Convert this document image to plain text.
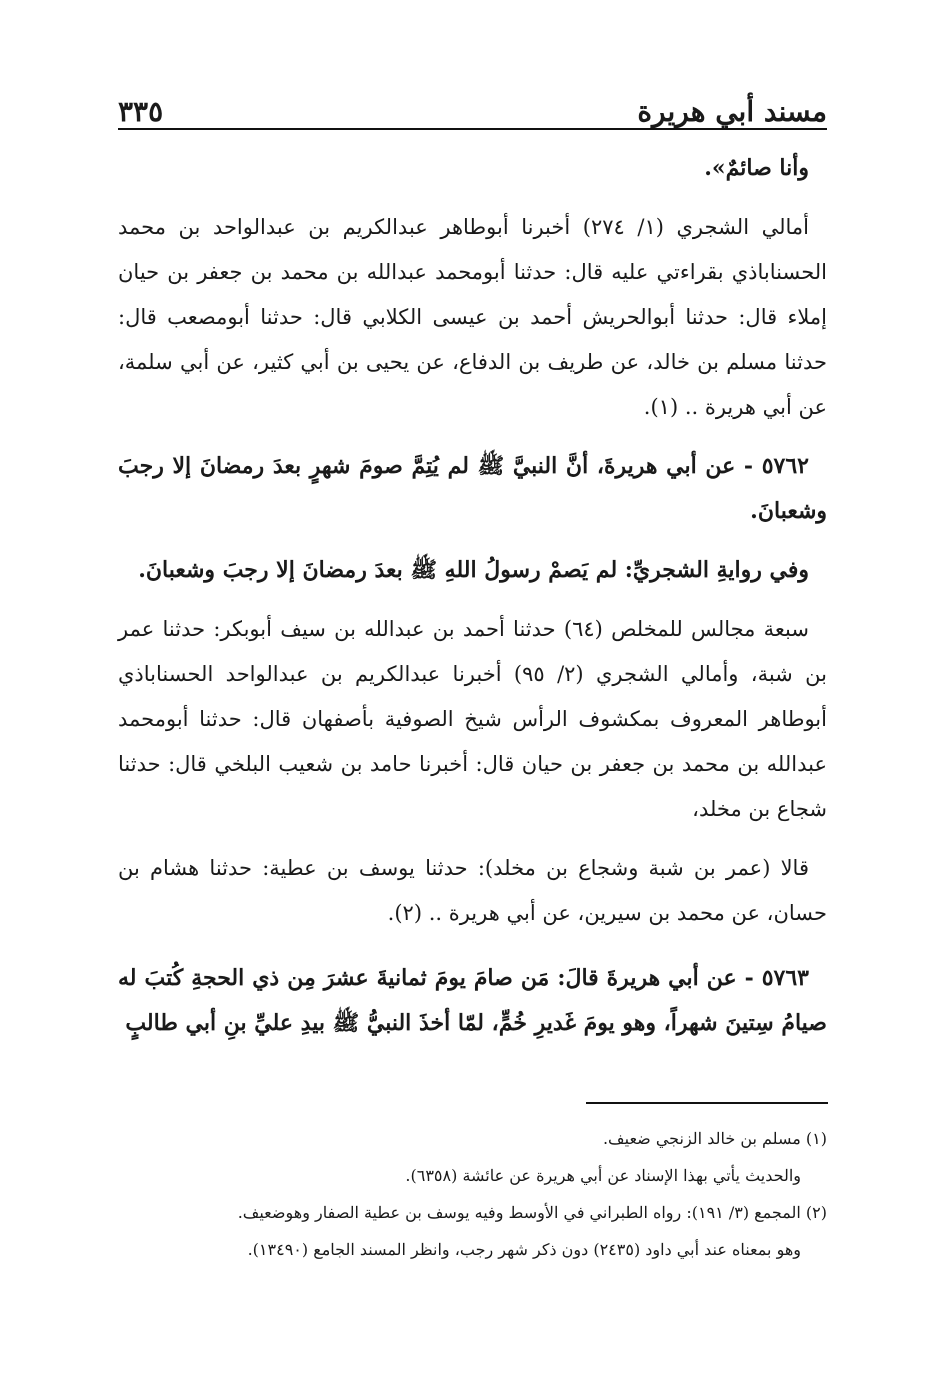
مسند أبي هريرة
٣٣٥

وأنا صائمٌ».

أمالي الشجري (١/ ٢٧٤) أخبرنا أبوطاهر عبدالكريم بن عبدالواحد بن محمد الحسناباذي بقراءتي عليه قال: حدثنا أبومحمد عبدالله بن محمد بن جعفر بن حيان إملاء قال: حدثنا أبوالحريش أحمد بن عيسى الكلابي قال: حدثنا أبومصعب قال: حدثنا مسلم بن خالد، عن طريف بن الدفاع، عن يحيى بن أبي كثير، عن أبي سلمة، عن أبي هريرة .. (١).

٥٧٦٢ - عن أبي هريرةَ، أنَّ النبيَّ ﷺ لم يُتِمَّ صومَ شهرٍ بعدَ رمضانَ إلا رجبَ وشعبانَ.

وفي روايةِ الشجريِّ: لم يَصمْ رسولُ اللهِ ﷺ بعدَ رمضانَ إلا رجبَ وشعبانَ.

سبعة مجالس للمخلص (٦٤) حدثنا أحمد بن عبدالله بن سيف أبوبكر: حدثنا عمر بن شبة، وأمالي الشجري (٢/ ٩٥) أخبرنا عبدالكريم بن عبدالواحد الحسناباذي أبوطاهر المعروف بمكشوف الرأس شيخ الصوفية بأصفهان قال: حدثنا أبومحمد عبدالله بن محمد بن جعفر بن حيان قال: أخبرنا حامد بن شعيب البلخي قال: حدثنا شجاع بن مخلد،

قالا (عمر بن شبة وشجاع بن مخلد): حدثنا يوسف بن عطية: حدثنا هشام بن حسان، عن محمد بن سيرين، عن أبي هريرة .. (٢).

٥٧٦٣ - عن أبي هريرةَ قالَ: مَن صامَ يومَ ثمانيةَ عشرَ مِن ذي الحجةِ كُتبَ له صيامُ سِتينَ شهراً، وهو يومَ غَديرِ خُمٍّ، لمّا أخذَ النبيُّ ﷺ بيدِ عليِّ بنِ أبي طالبٍ

(١) مسلم بن خالد الزنجي ضعيف.
والحديث يأتي بهذا الإسناد عن أبي هريرة عن عائشة (٦٣٥٨).
(٢) المجمع (٣/ ١٩١): رواه الطبراني في الأوسط وفيه يوسف بن عطية الصفار وهوضعيف.
وهو بمعناه عند أبي داود (٢٤٣٥) دون ذكر شهر رجب، وانظر المسند الجامع (١٣٤٩٠).
